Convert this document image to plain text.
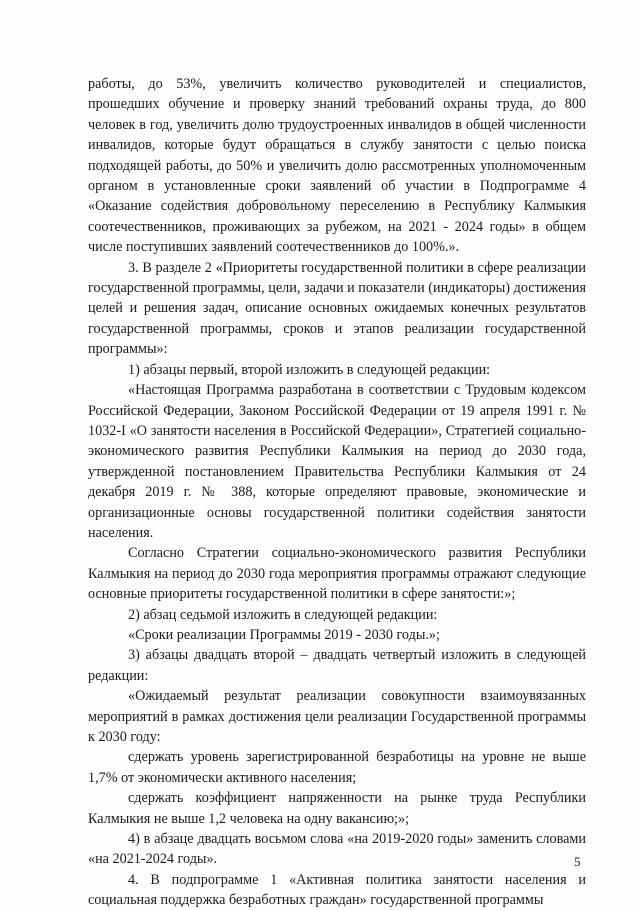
работы, до 53%, увеличить количество руководителей и специалистов, прошедших обучение и проверку знаний требований охраны труда, до 800 человек в год, увеличить долю трудоустроенных инвалидов в общей численности инвалидов, которые будут обращаться в службу занятости с целью поиска подходящей работы, до 50% и увеличить долю рассмотренных уполномоченным органом в установленные сроки заявлений об участии в Подпрограмме 4 «Оказание содействия добровольному переселению в Республику Калмыкия соотечественников, проживающих за рубежом, на 2021 - 2024 годы» в общем числе поступивших заявлений соотечественников до 100%.».

3. В разделе 2 «Приоритеты государственной политики в сфере реализации государственной программы, цели, задачи и показатели (индикаторы) достижения целей и решения задач, описание основных ожидаемых конечных результатов государственной программы, сроков и этапов реализации государственной программы»:

1) абзацы первый, второй изложить в следующей редакции:

«Настоящая Программа разработана в соответствии с Трудовым кодексом Российской Федерации, Законом Российской Федерации от 19 апреля 1991 г. № 1032-I «О занятости населения в Российской Федерации», Стратегией социально-экономического развития Республики Калмыкия на период до 2030 года, утвержденной постановлением Правительства Республики Калмыкия от 24 декабря 2019 г. № 388, которые определяют правовые, экономические и организационные основы государственной политики содействия занятости населения.

Согласно Стратегии социально-экономического развития Республики Калмыкия на период до 2030 года мероприятия программы отражают следующие основные приоритеты государственной политики в сфере занятости:»;

2) абзац седьмой изложить в следующей редакции:

«Сроки реализации Программы 2019 - 2030 годы.»;

3) абзацы двадцать второй – двадцать четвертый изложить в следующей редакции:

«Ожидаемый результат реализации совокупности взаимоувязанных мероприятий в рамках достижения цели реализации Государственной программы к 2030 году:

сдержать уровень зарегистрированной безработицы на уровне не выше 1,7% от экономически активного населения;

сдержать коэффициент напряженности на рынке труда Республики Калмыкия не выше 1,2 человека на одну вакансию;»;

4) в абзаце двадцать восьмом слова «на 2019-2020 годы» заменить словами «на 2021-2024 годы».

4. В подпрограмме 1 «Активная политика занятости населения и социальная поддержка безработных граждан» государственной программы

5
